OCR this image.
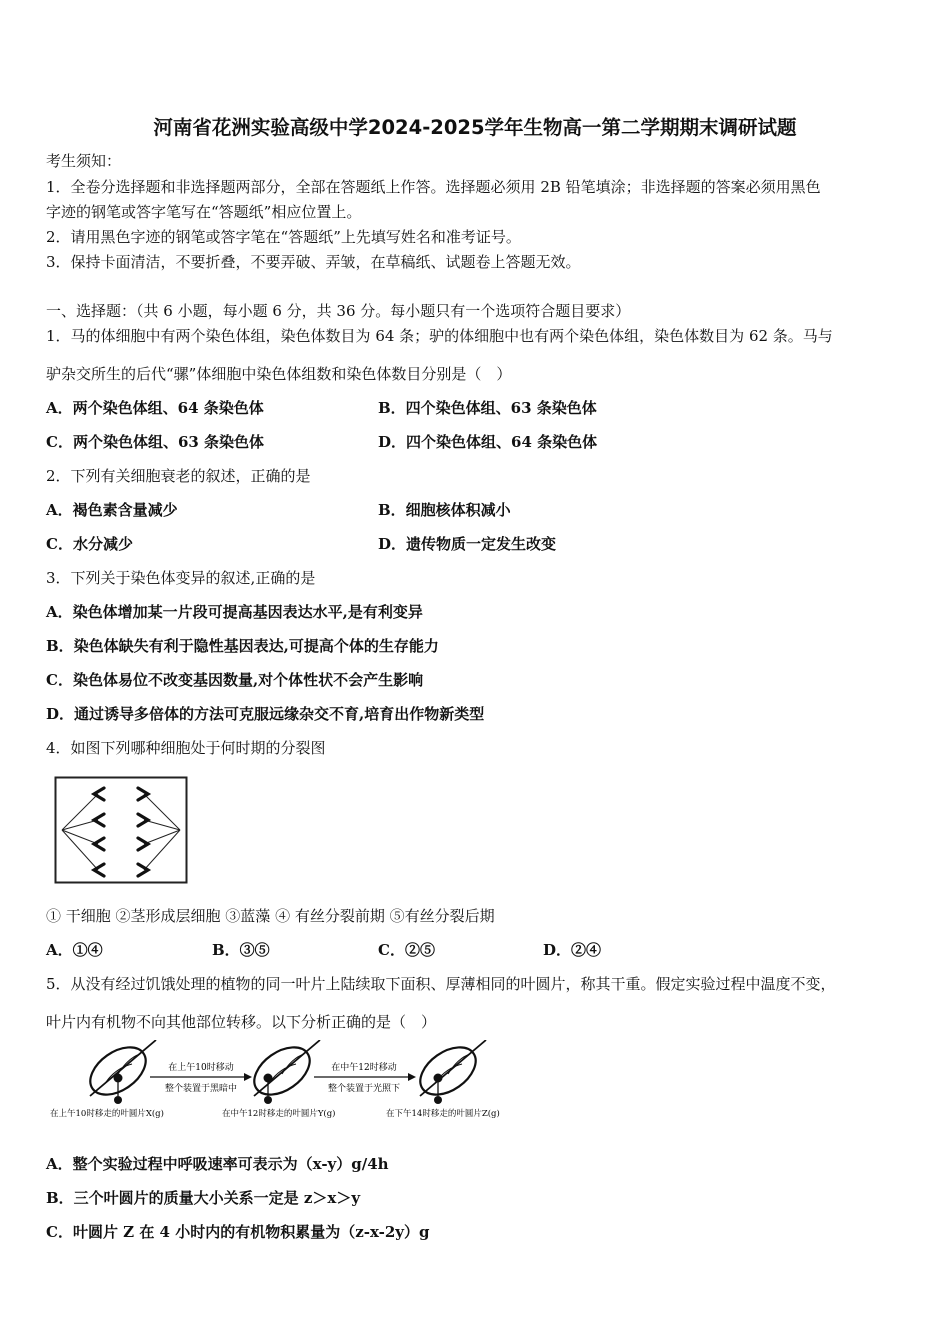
河南省花洲实验高级中学2024-2025学年生物高一第二学期期末调研试题
考生须知：
1．全卷分选择题和非选择题两部分，全部在答题纸上作答。选择题必须用 2B 铅笔填涂；非选择题的答案必须用黑色
字迹的钢笔或答字笔写在“答题纸”相应位置上。
2．请用黑色字迹的钢笔或答字笔在“答题纸”上先填写姓名和准考证号。
3．保持卡面清洁，不要折叠，不要弄破、弄皱，在草稿纸、试题卷上答题无效。
一、选择题：（共 6 小题，每小题 6 分，共 36 分。每小题只有一个选项符合题目要求）
1．马的体细胞中有两个染色体组，染色体数目为 64 条；驴的体细胞中也有两个染色体组，染色体数目为 62 条。马与
驴杂交所生的后代“骡”体细胞中染色体组数和染色体数目分别是（　）
A．两个染色体组、64 条染色体	B．四个染色体组、63 条染色体
C．两个染色体组、63 条染色体	D．四个染色体组、64 条染色体
2．下列有关细胞衰老的叙述，正确的是
A．褐色素含量减少	B．细胞核体积减小
C．水分减少	D．遗传物质一定发生改变
3．下列关于染色体变异的叙述,正确的是
A．染色体增加某一片段可提高基因表达水平,是有利变异
B．染色体缺失有利于隐性基因表达,可提高个体的生存能力
C．染色体易位不改变基因数量,对个体性状不会产生影响
D．通过诱导多倍体的方法可克服远缘杂交不育,培育出作物新类型
4．如图下列哪种细胞处于何时期的分裂图
① 干细胞 ②茎形成层细胞 ③蓝藻 ④ 有丝分裂前期 ⑤有丝分裂后期
A．①④	B．③⑤	C．②⑤	D．②④
5．从没有经过饥饿处理的植物的同一叶片上陆续取下面积、厚薄相同的叶圆片，称其干重。假定实验过程中温度不变，
叶片内有机物不向其他部位转移。以下分析正确的是（　）
在上午10时移动
整个装置于黑暗中
在中午12时移动
整个装置于光照下
在上午10时移走的叶圆片X(g)	在中午12时移走的叶圆片Y(g)	在下午14时移走的叶圆片Z(g)
A．整个实验过程中呼吸速率可表示为（x-y）g/4h
B．三个叶圆片的质量大小关系一定是 z＞x＞y
C．叶圆片 Z 在 4 小时内的有机物积累量为（z-x-2y）g
